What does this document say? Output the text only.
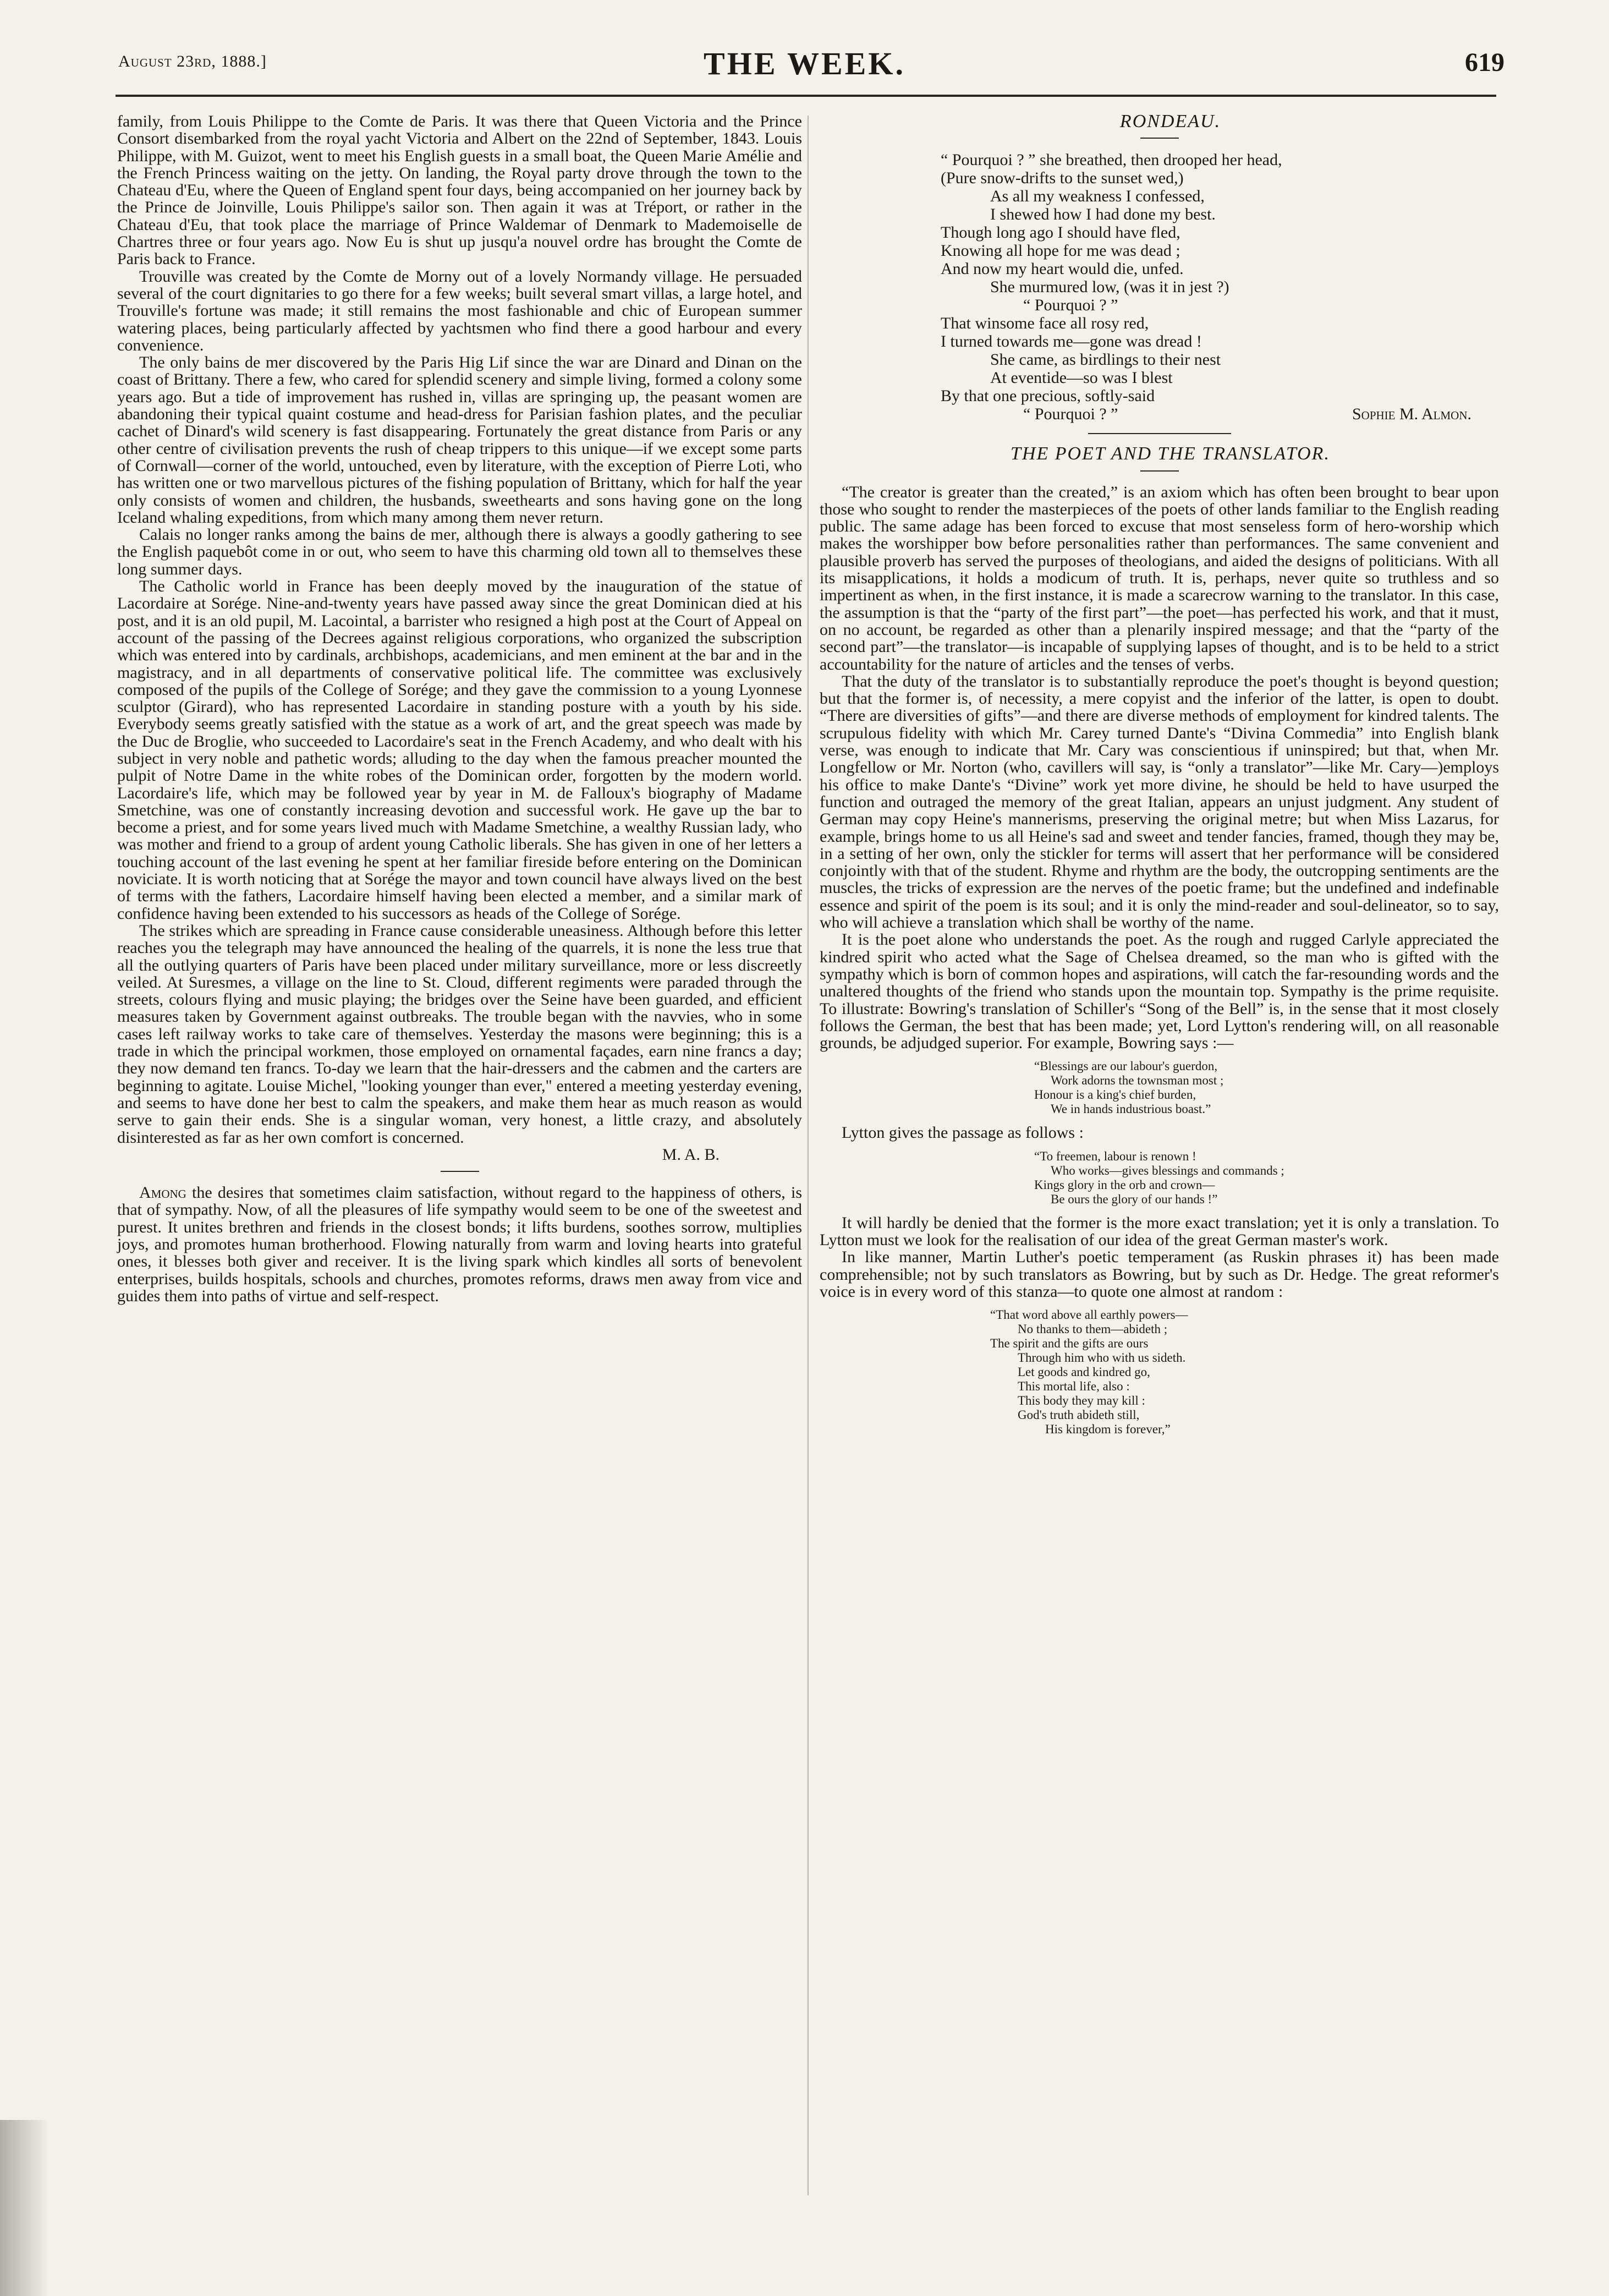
August 23rd, 1888.]	THE WEEK.	619

family, from Louis Philippe to the Comte de Paris. It was there that Queen Victoria and the Prince Consort disembarked from the royal yacht Victoria and Albert on the 22nd of September, 1843. Louis Philippe, with M. Guizot, went to meet his English guests in a small boat, the Queen Marie Amélie and the French Princess waiting on the jetty. On landing, the Royal party drove through the town to the Chateau d'Eu, where the Queen of England spent four days, being accompanied on her journey back by the Prince de Joinville, Louis Philippe's sailor son. Then again it was at Tréport, or rather in the Chateau d'Eu, that took place the marriage of Prince Waldemar of Denmark to Mademoiselle de Chartres three or four years ago. Now Eu is shut up jusqu'a nouvel ordre has brought the Comte de Paris back to France.

Trouville was created by the Comte de Morny out of a lovely Normandy village. He persuaded several of the court dignitaries to go there for a few weeks; built several smart villas, a large hotel, and Trouville's fortune was made; it still remains the most fashionable and chic of European summer watering places, being particularly affected by yachtsmen who find there a good harbour and every convenience.

The only bains de mer discovered by the Paris Hig Lif since the war are Dinard and Dinan on the coast of Brittany. There a few, who cared for splendid scenery and simple living, formed a colony some years ago. But a tide of improvement has rushed in, villas are springing up, the peasant women are abandoning their typical quaint costume and head-dress for Parisian fashion plates, and the peculiar cachet of Dinard's wild scenery is fast disappearing. Fortunately the great distance from Paris or any other centre of civilisation prevents the rush of cheap trippers to this unique—if we except some parts of Cornwall—corner of the world, untouched, even by literature, with the exception of Pierre Loti, who has written one or two marvellous pictures of the fishing population of Brittany, which for half the year only consists of women and children, the husbands, sweethearts and sons having gone on the long Iceland whaling expeditions, from which many among them never return.

Calais no longer ranks among the bains de mer, although there is always a goodly gathering to see the English paquebôt come in or out, who seem to have this charming old town all to themselves these long summer days.

The Catholic world in France has been deeply moved by the inauguration of the statue of Lacordaire at Sorége. Nine-and-twenty years have passed away since the great Dominican died at his post, and it is an old pupil, M. Lacointal, a barrister who resigned a high post at the Court of Appeal on account of the passing of the Decrees against religious corporations, who organized the subscription which was entered into by cardinals, archbishops, academicians, and men eminent at the bar and in the magistracy, and in all departments of conservative political life. The committee was exclusively composed of the pupils of the College of Sorége; and they gave the commission to a young Lyonnese sculptor (Girard), who has represented Lacordaire in standing posture with a youth by his side. Everybody seems greatly satisfied with the statue as a work of art, and the great speech was made by the Duc de Broglie, who succeeded to Lacordaire's seat in the French Academy, and who dealt with his subject in very noble and pathetic words; alluding to the day when the famous preacher mounted the pulpit of Notre Dame in the white robes of the Dominican order, forgotten by the modern world. Lacordaire's life, which may be followed year by year in M. de Falloux's biography of Madame Smetchine, was one of constantly increasing devotion and successful work. He gave up the bar to become a priest, and for some years lived much with Madame Smetchine, a wealthy Russian lady, who was mother and friend to a group of ardent young Catholic liberals. She has given in one of her letters a touching account of the last evening he spent at her familiar fireside before entering on the Dominican noviciate. It is worth noticing that at Sorége the mayor and town council have always lived on the best of terms with the fathers, Lacordaire himself having been elected a member, and a similar mark of confidence having been extended to his successors as heads of the College of Sorége.

The strikes which are spreading in France cause considerable uneasiness. Although before this letter reaches you the telegraph may have announced the healing of the quarrels, it is none the less true that all the outlying quarters of Paris have been placed under military surveillance, more or less discreetly veiled. At Suresmes, a village on the line to St. Cloud, different regiments were paraded through the streets, colours flying and music playing; the bridges over the Seine have been guarded, and efficient measures taken by Government against outbreaks. The trouble began with the navvies, who in some cases left railway works to take care of themselves. Yesterday the masons were beginning; this is a trade in which the principal workmen, those employed on ornamental façades, earn nine francs a day; they now demand ten francs. To-day we learn that the hair-dressers and the cabmen and the carters are beginning to agitate. Louise Michel, "looking younger than ever," entered a meeting yesterday evening, and seems to have done her best to calm the speakers, and make them hear as much reason as would serve to gain their ends. She is a singular woman, very honest, a little crazy, and absolutely disinterested as far as her own comfort is concerned.

M. A. B.

Among the desires that sometimes claim satisfaction, without regard to the happiness of others, is that of sympathy. Now, of all the pleasures of life sympathy would seem to be one of the sweetest and purest. It unites brethren and friends in the closest bonds; it lifts burdens, soothes sorrow, multiplies joys, and promotes human brotherhood. Flowing naturally from warm and loving hearts into grateful ones, it blesses both giver and receiver. It is the living spark which kindles all sorts of benevolent enterprises, builds hospitals, schools and churches, promotes reforms, draws men away from vice and guides them into paths of virtue and self-respect.

RONDEAU.

“ Pourquoi ? ” she breathed, then drooped her head,
(Pure snow-drifts to the sunset wed,)
As all my weakness I confessed,
I shewed how I had done my best.
Though long ago I should have fled,
Knowing all hope for me was dead ;
And now my heart would die, unfed.
She murmured low, (was it in jest ?)
“ Pourquoi ? ”
That winsome face all rosy red,
I turned towards me—gone was dread !
She came, as birdlings to their nest
At eventide—so was I blest
By that one precious, softly-said
“ Pourquoi ? ”	Sophie M. Almon.

THE POET AND THE TRANSLATOR.

“The creator is greater than the created,” is an axiom which has often been brought to bear upon those who sought to render the masterpieces of the poets of other lands familiar to the English reading public. The same adage has been forced to excuse that most senseless form of hero-worship which makes the worshipper bow before personalities rather than performances. The same convenient and plausible proverb has served the purposes of theologians, and aided the designs of politicians. With all its misapplications, it holds a modicum of truth. It is, perhaps, never quite so truthless and so impertinent as when, in the first instance, it is made a scarecrow warning to the translator. In this case, the assumption is that the “party of the first part”—the poet—has perfected his work, and that it must, on no account, be regarded as other than a plenarily inspired message; and that the “party of the second part”—the translator—is incapable of supplying lapses of thought, and is to be held to a strict accountability for the nature of articles and the tenses of verbs.

That the duty of the translator is to substantially reproduce the poet's thought is beyond question; but that the former is, of necessity, a mere copyist and the inferior of the latter, is open to doubt. “There are diversities of gifts”—and there are diverse methods of employment for kindred talents. The scrupulous fidelity with which Mr. Carey turned Dante's “Divina Commedia” into English blank verse, was enough to indicate that Mr. Cary was conscientious if uninspired; but that, when Mr. Longfellow or Mr. Norton (who, cavillers will say, is “only a translator”—like Mr. Cary—)employs his office to make Dante's “Divine” work yet more divine, he should be held to have usurped the function and outraged the memory of the great Italian, appears an unjust judgment. Any student of German may copy Heine's mannerisms, preserving the original metre; but when Miss Lazarus, for example, brings home to us all Heine's sad and sweet and tender fancies, framed, though they may be, in a setting of her own, only the stickler for terms will assert that her performance will be considered conjointly with that of the student. Rhyme and rhythm are the body, the outcropping sentiments are the muscles, the tricks of expression are the nerves of the poetic frame; but the undefined and indefinable essence and spirit of the poem is its soul; and it is only the mind-reader and soul-delineator, so to say, who will achieve a translation which shall be worthy of the name.

It is the poet alone who understands the poet. As the rough and rugged Carlyle appreciated the kindred spirit who acted what the Sage of Chelsea dreamed, so the man who is gifted with the sympathy which is born of common hopes and aspirations, will catch the far-resounding words and the unaltered thoughts of the friend who stands upon the mountain top. Sympathy is the prime requisite. To illustrate: Bowring's translation of Schiller's “Song of the Bell” is, in the sense that it most closely follows the German, the best that has been made; yet, Lord Lytton's rendering will, on all reasonable grounds, be adjudged superior. For example, Bowring says :—

“Blessings are our labour's guerdon,
Work adorns the townsman most ;
Honour is a king's chief burden,
We in hands industrious boast.”

Lytton gives the passage as follows :

“To freemen, labour is renown !
Who works—gives blessings and commands ;
Kings glory in the orb and crown—
Be ours the glory of our hands !”

It will hardly be denied that the former is the more exact translation; yet it is only a translation. To Lytton must we look for the realisation of our idea of the great German master's work.

In like manner, Martin Luther's poetic temperament (as Ruskin phrases it) has been made comprehensible; not by such translators as Bowring, but by such as Dr. Hedge. The great reformer's voice is in every word of this stanza—to quote one almost at random :

“That word above all earthly powers—
No thanks to them—abideth ;
The spirit and the gifts are ours
Through him who with us sideth.
Let goods and kindred go,
This mortal life, also :
This body they may kill :
God's truth abideth still,
His kingdom is forever,”
